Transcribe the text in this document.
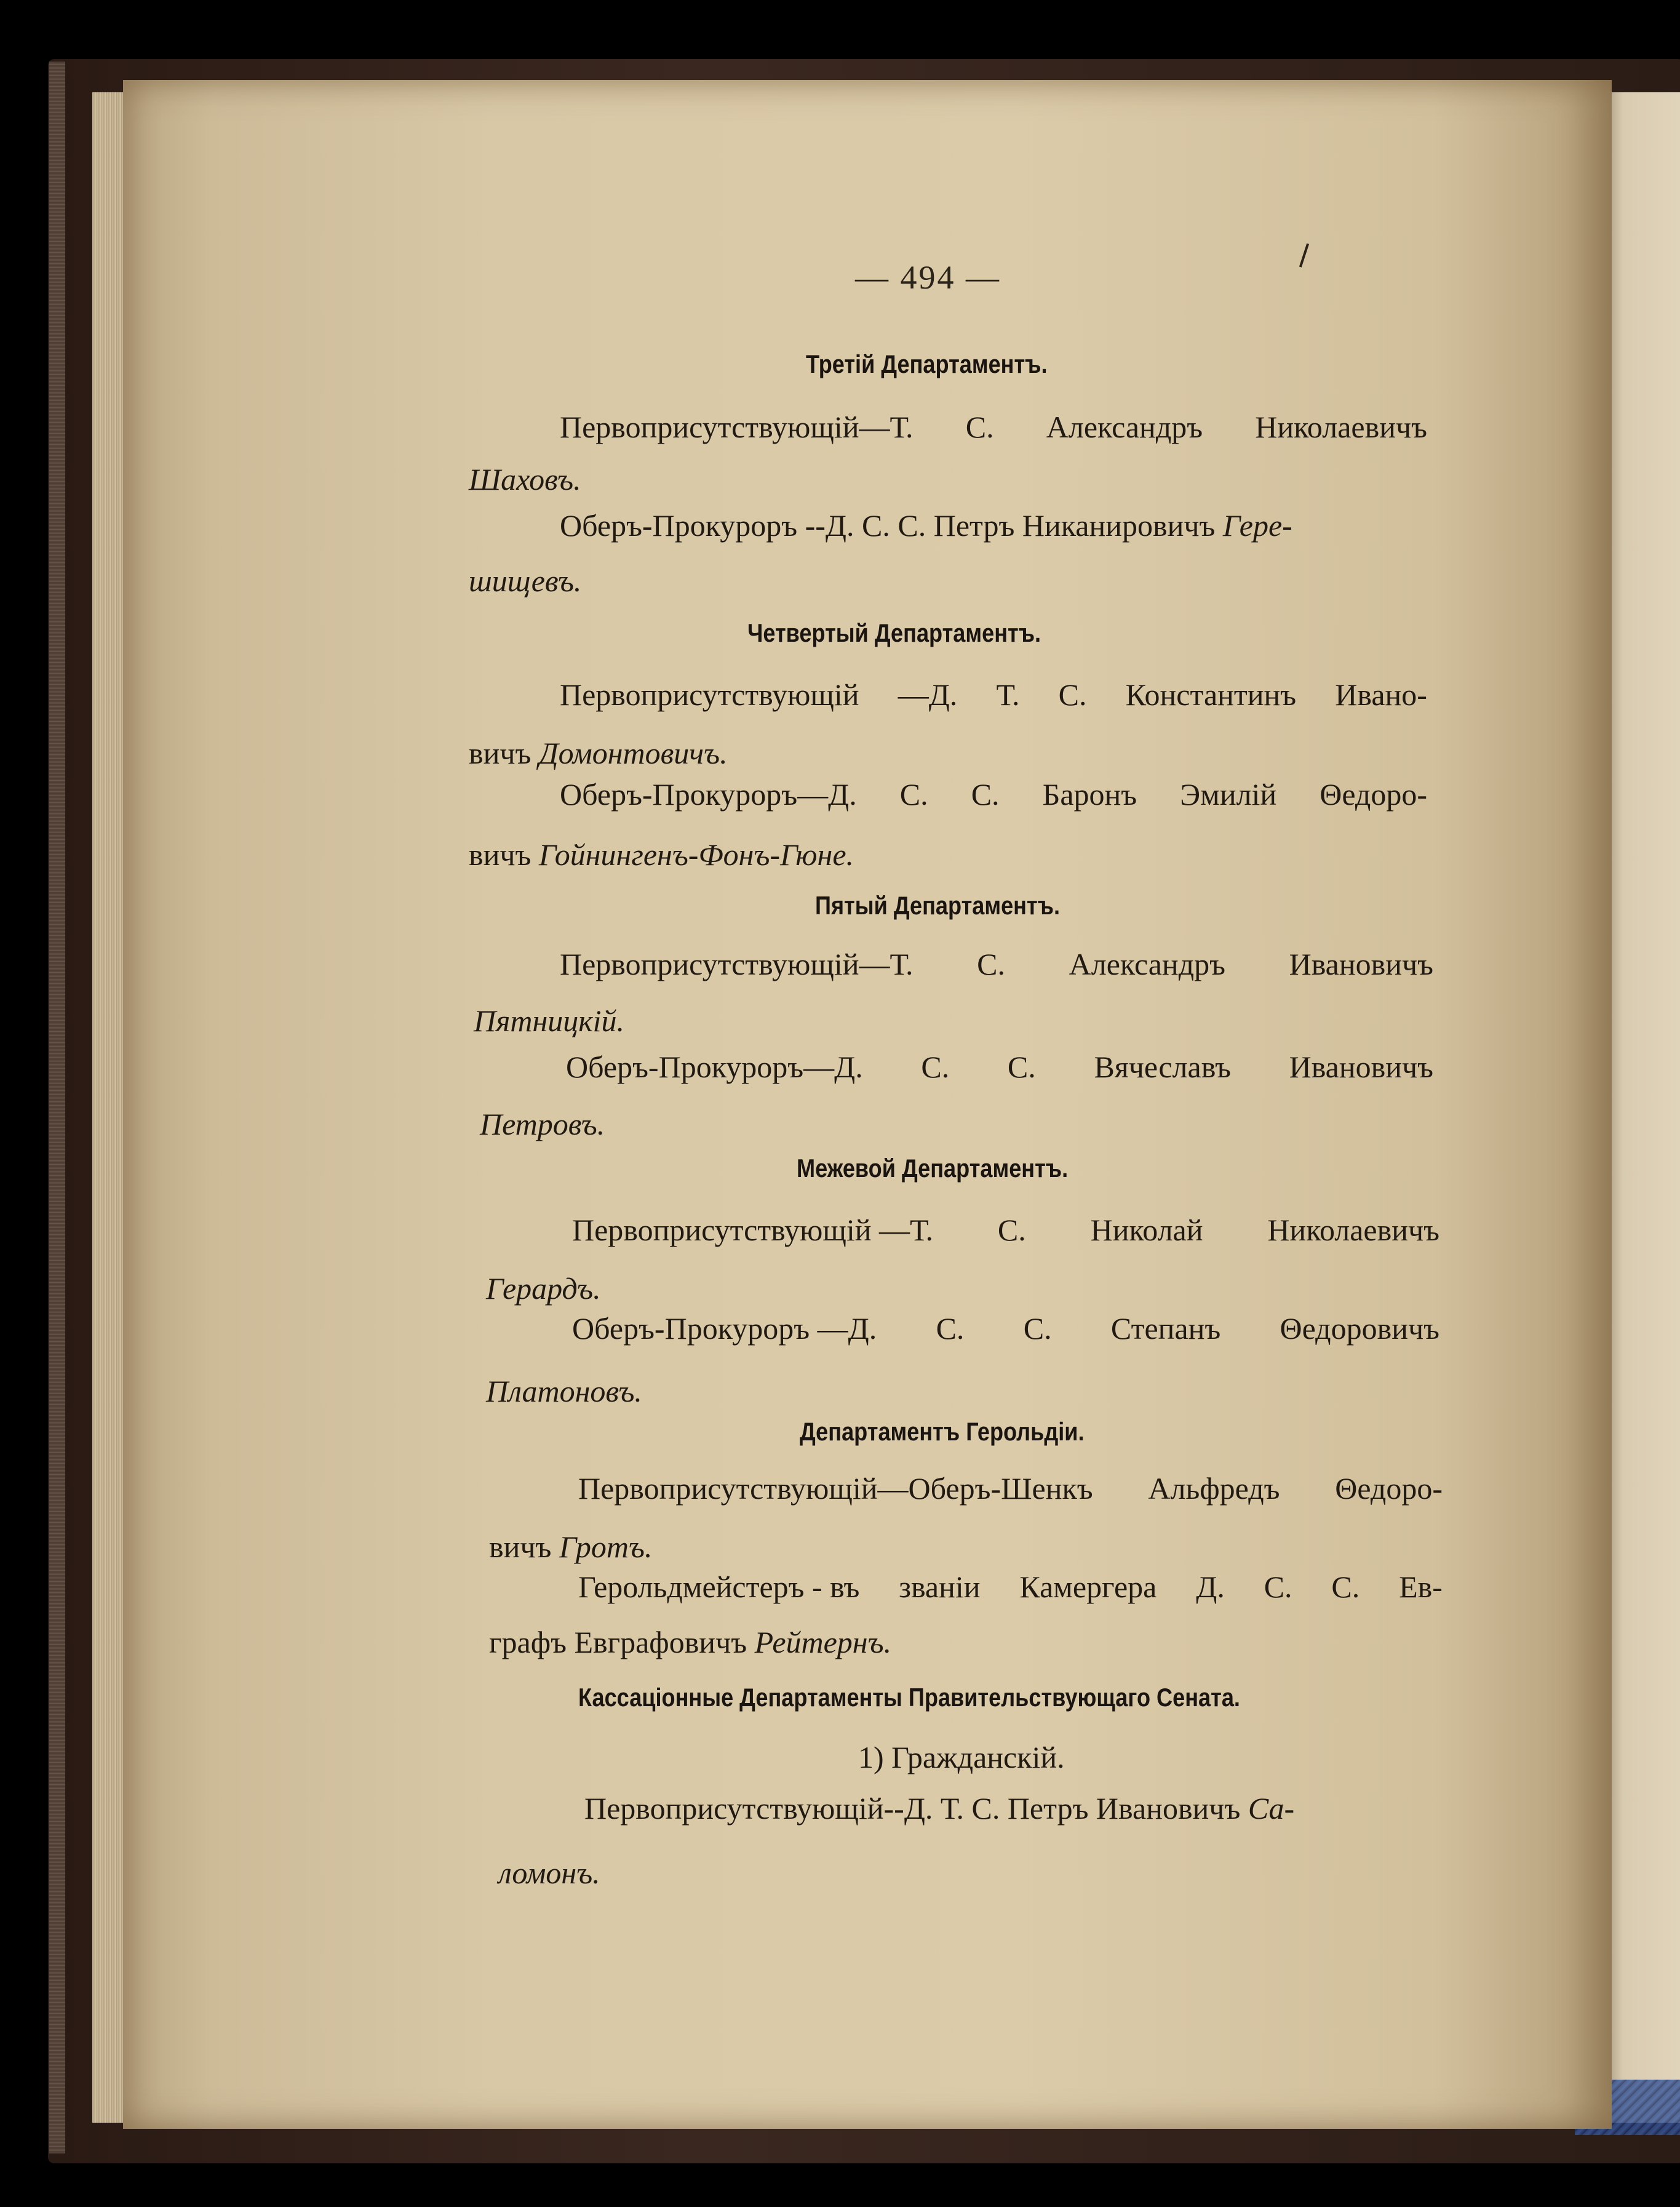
— 494 —
Третій Департаментъ.
Первоприсутствующій—Т. С. Александръ Николаевичъ
Шаховъ.
Оберъ-Прокуроръ --Д. С. С. Петръ Никанировичъ Гере-
шищевъ.
Четвертый Департаментъ.
Первоприсутствующій —Д. Т. С. Константинъ Ивано-
вичъ Домонтовичъ.
Оберъ-Прокуроръ—Д. С. С. Баронъ Эмилій Θедоро-
вичъ Гойнингенъ-Фонъ-Гюне.
Пятый Департаментъ.
Первоприсутствующій—Т. С. Александръ Ивановичъ
Пятницкій.
Оберъ-Прокуроръ—Д. С. С. Вячеславъ Ивановичъ
Петровъ.
Межевой Департаментъ.
Первоприсутствующій —Т. С. Николай Николаевичъ
Герардъ.
Оберъ-Прокуроръ —Д. С. С. Степанъ Θедоровичъ
Платоновъ.
Департаментъ Герольдіи.
Первоприсутствующій—Оберъ-Шенкъ Альфредъ Θедоро-
вичъ Гротъ.
Герольдмейстеръ - въ званіи Камергера Д. С. С. Ев-
графъ Евграфовичъ Рейтернъ.
Кассаціонные Департаменты Правительствующаго Сената.
1) Гражданскій.
Первоприсутствующій--Д. Т. С. Петръ Ивановичъ Са-
ломонъ.
